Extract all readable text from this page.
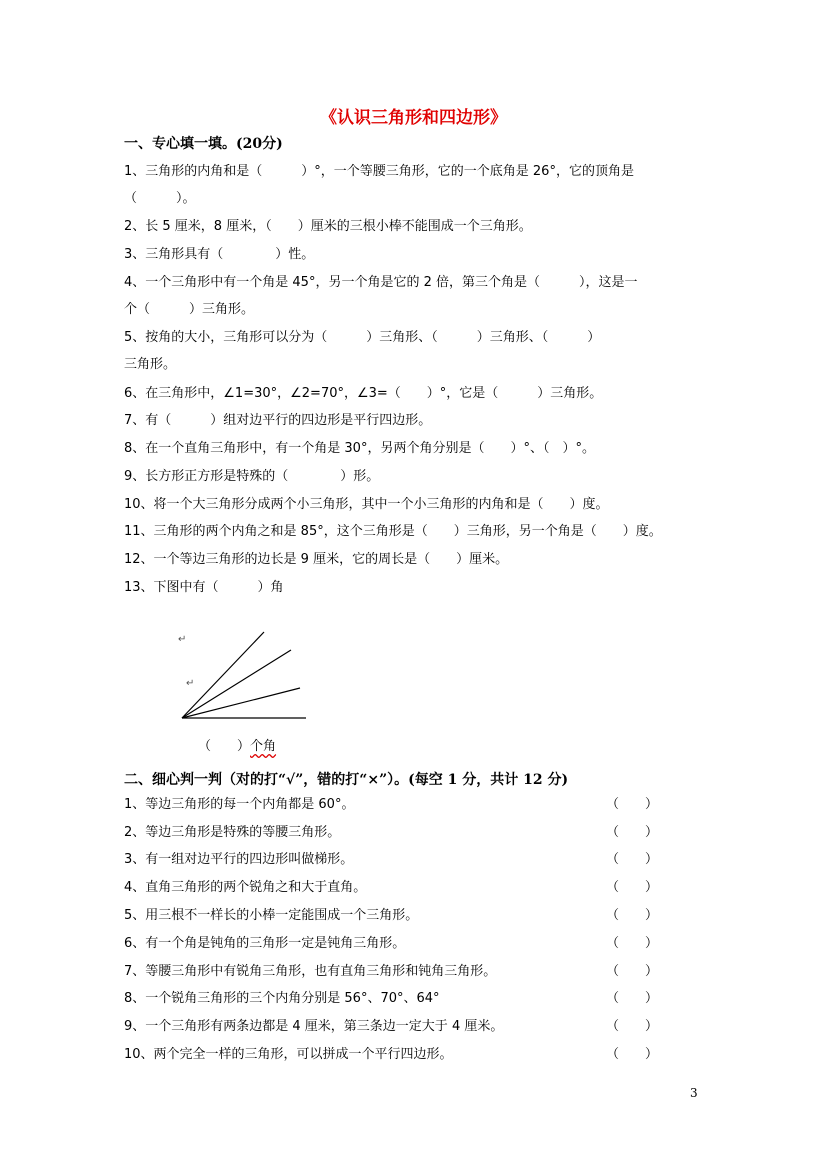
《认识三角形和四边形》
一、专心填一填。(20分)
1、三角形的内角和是（　　　）°，一个等腰三角形，它的一个底角是 26°，它的顶角是
（　　　）。
2、长 5 厘米，8 厘米，（　　）厘米的三根小棒不能围成一个三角形。
3、三角形具有（　　　　）性。
4、一个三角形中有一个角是 45°，另一个角是它的 2 倍，第三个角是（　　　），这是一
个（　　　）三角形。
5、按角的大小，三角形可以分为（　　　）三角形、（　　　）三角形、（　　　）
三角形。
6、在三角形中，∠1=30°，∠2=70°，∠3=（　　）°，它是（　　　）三角形。
7、有（　　　）组对边平行的四边形是平行四边形。
8、在一个直角三角形中，有一个角是 30°，另两个角分别是（　　）°、（　）°。
9、长方形正方形是特殊的（　　　　）形。
10、将一个大三角形分成两个小三角形，其中一个小三角形的内角和是（　　）度。
11、三角形的两个内角之和是 85°，这个三角形是（　　）三角形，另一个角是（　　）度。
12、一个等边三角形的边长是 9 厘米，它的周长是（　　）厘米。
13、下图中有（　　　）角
↵
↵
（　　）个角
二、细心判一判（对的打“√”，错的打“×”）。(每空 1 分，共计 12 分)
1、等边三角形的每一个内角都是 60°。	（　　）
2、等边三角形是特殊的等腰三角形。	（　　）
3、有一组对边平行的四边形叫做梯形。	（　　）
4、直角三角形的两个锐角之和大于直角。	（　　）
5、用三根不一样长的小棒一定能围成一个三角形。	（　　）
6、有一个角是钝角的三角形一定是钝角三角形。	（　　）
7、等腰三角形中有锐角三角形，也有直角三角形和钝角三角形。	（　　）
8、一个锐角三角形的三个内角分别是 56°、70°、64°	（　　）
9、一个三角形有两条边都是 4 厘米，第三条边一定大于 4 厘米。	（　　）
10、两个完全一样的三角形，可以拼成一个平行四边形。	（　　）
3
